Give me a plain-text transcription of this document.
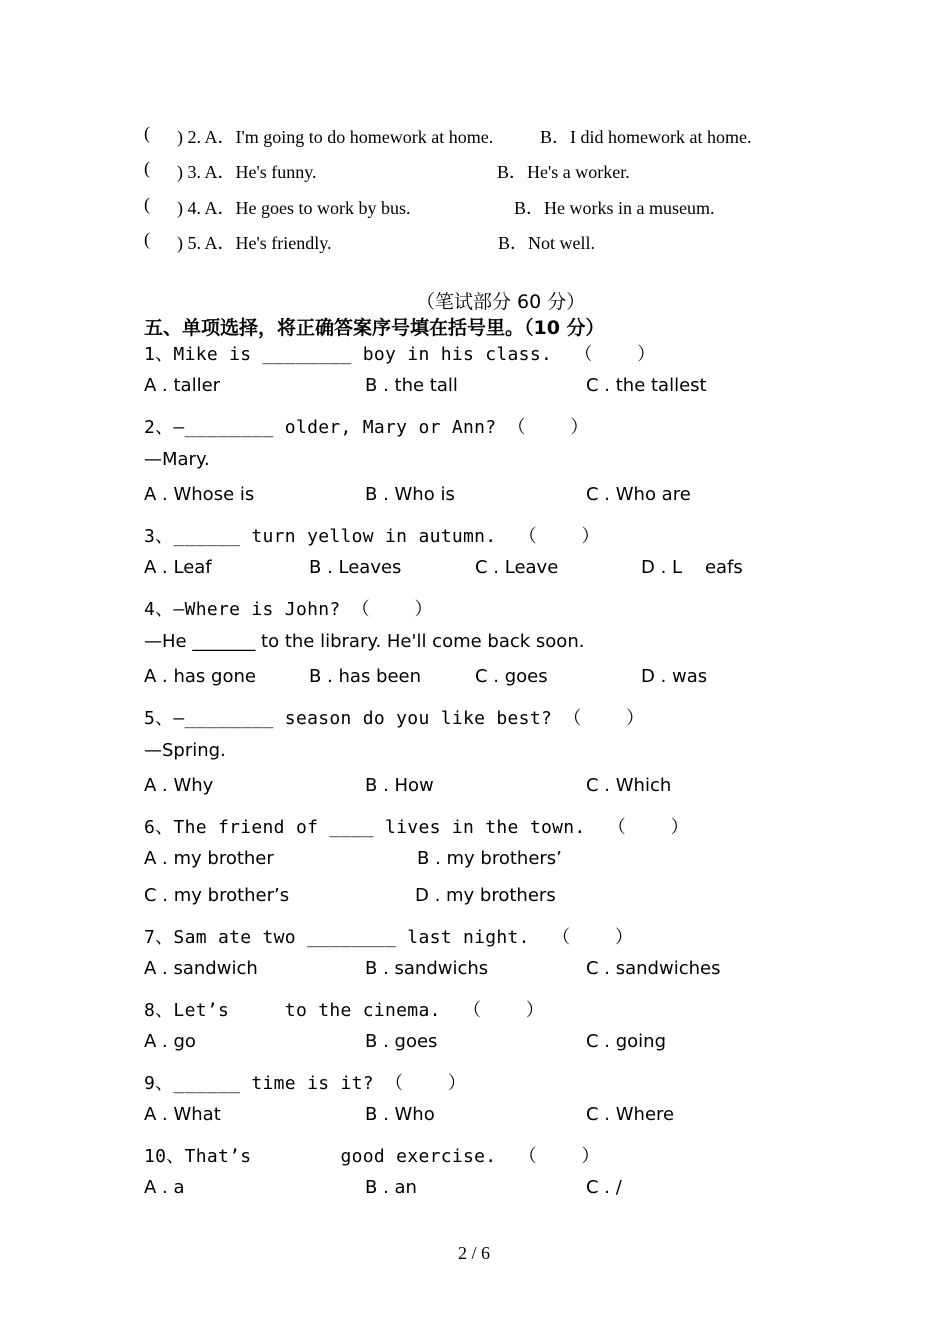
( ) 2. A．I'm going to do homework at home.	B．I did homework at home.
( ) 3. A．He's funny.	B．He's a worker.
( ) 4. A．He goes to work by bus.	B．He works in a museum.
( ) 5. A．He's friendly.	B．Not well.
（笔试部分 60 分）
五、单项选择，将正确答案序号填在括号里。（10 分）
1、Mike is ________ boy in his class.  （    ）
A . taller	B . the tall	C . the tallest
2、—________ older, Mary or Ann? （    ）
—Mary.
A . Whose is	B . Who is	C . Who are
3、______ turn yellow in autumn.  （    ）
A . Leaf	B . Leaves	C . Leave	D . L    eafs
4、—Where is John? （    ）
—He _______ to the library. He'll come back soon.
A . has gone	B . has been	C . goes	D . was
5、—________ season do you like best? （    ）
—Spring.
A . Why	B . How	C . Which
6、The friend of ____ lives in the town.  （    ）
A . my brother	B . my brothers’
C . my brother’s	D . my brothers
7、Sam ate two ________ last night.  （    ）
A . sandwich	B . sandwichs	C . sandwiches
8、Let’s     to the cinema.  （    ）
A . go	B . goes	C . going
9、______ time is it? （    ）
A . What	B . Who	C . Where
10、That’s        good exercise.  （    ）
A . a	B . an	C . /
2 / 6
